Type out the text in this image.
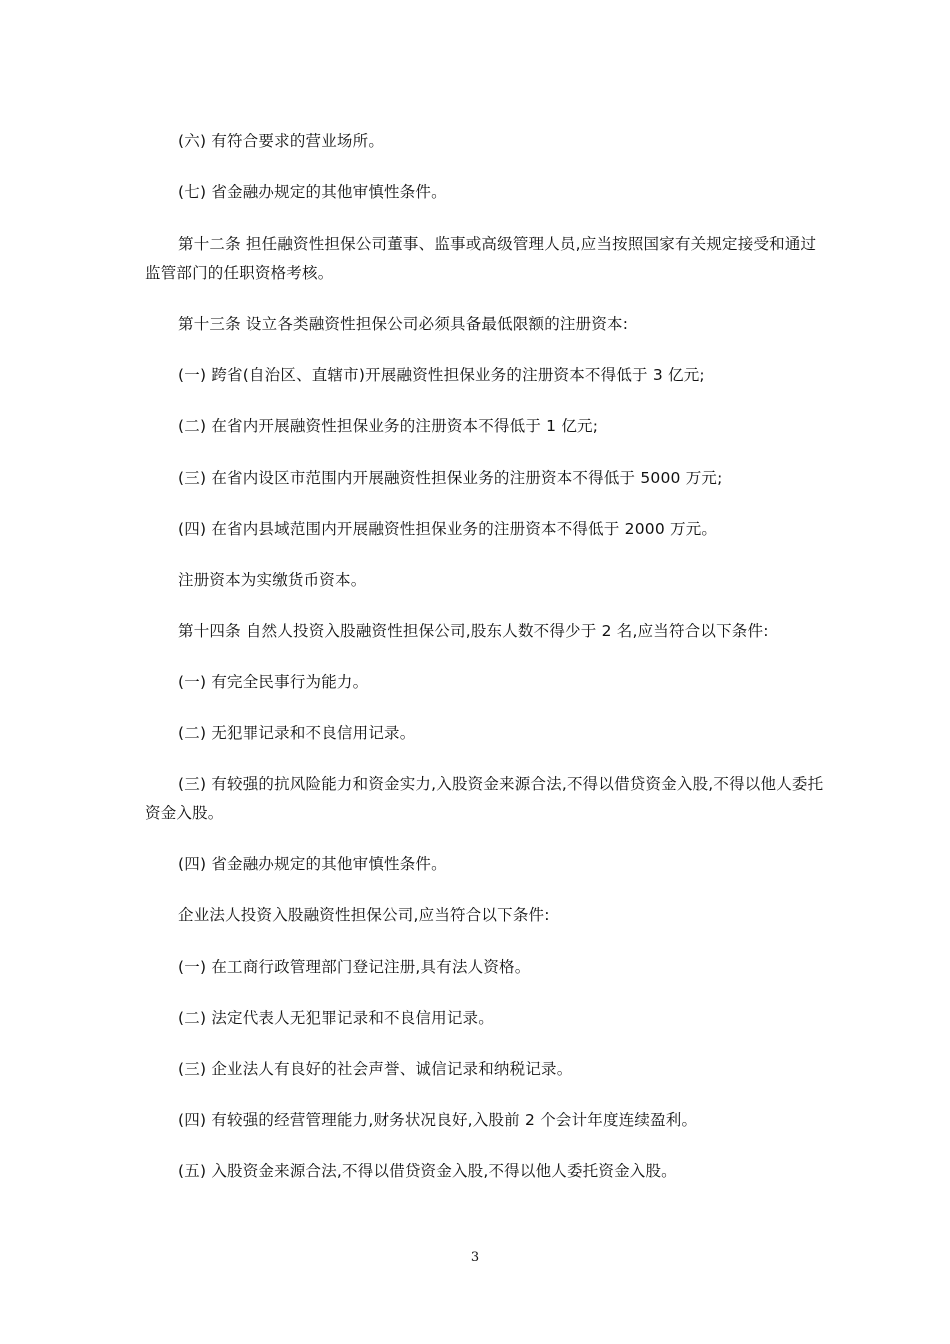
(六) 有符合要求的营业场所。
(七) 省金融办规定的其他审慎性条件。
第十二条 担任融资性担保公司董事、监事或高级管理人员,应当按照国家有关规定接受和通过监管部门的任职资格考核。
第十三条 设立各类融资性担保公司必须具备最低限额的注册资本:
(一) 跨省(自治区、直辖市)开展融资性担保业务的注册资本不得低于 3 亿元;
(二) 在省内开展融资性担保业务的注册资本不得低于 1 亿元;
(三) 在省内设区市范围内开展融资性担保业务的注册资本不得低于 5000 万元;
(四) 在省内县域范围内开展融资性担保业务的注册资本不得低于 2000 万元。
注册资本为实缴货币资本。
第十四条 自然人投资入股融资性担保公司,股东人数不得少于 2 名,应当符合以下条件:
(一) 有完全民事行为能力。
(二) 无犯罪记录和不良信用记录。
(三) 有较强的抗风险能力和资金实力,入股资金来源合法,不得以借贷资金入股,不得以他人委托资金入股。
(四) 省金融办规定的其他审慎性条件。
企业法人投资入股融资性担保公司,应当符合以下条件:
(一) 在工商行政管理部门登记注册,具有法人资格。
(二) 法定代表人无犯罪记录和不良信用记录。
(三) 企业法人有良好的社会声誉、诚信记录和纳税记录。
(四) 有较强的经营管理能力,财务状况良好,入股前 2 个会计年度连续盈利。
(五) 入股资金来源合法,不得以借贷资金入股,不得以他人委托资金入股。
3
